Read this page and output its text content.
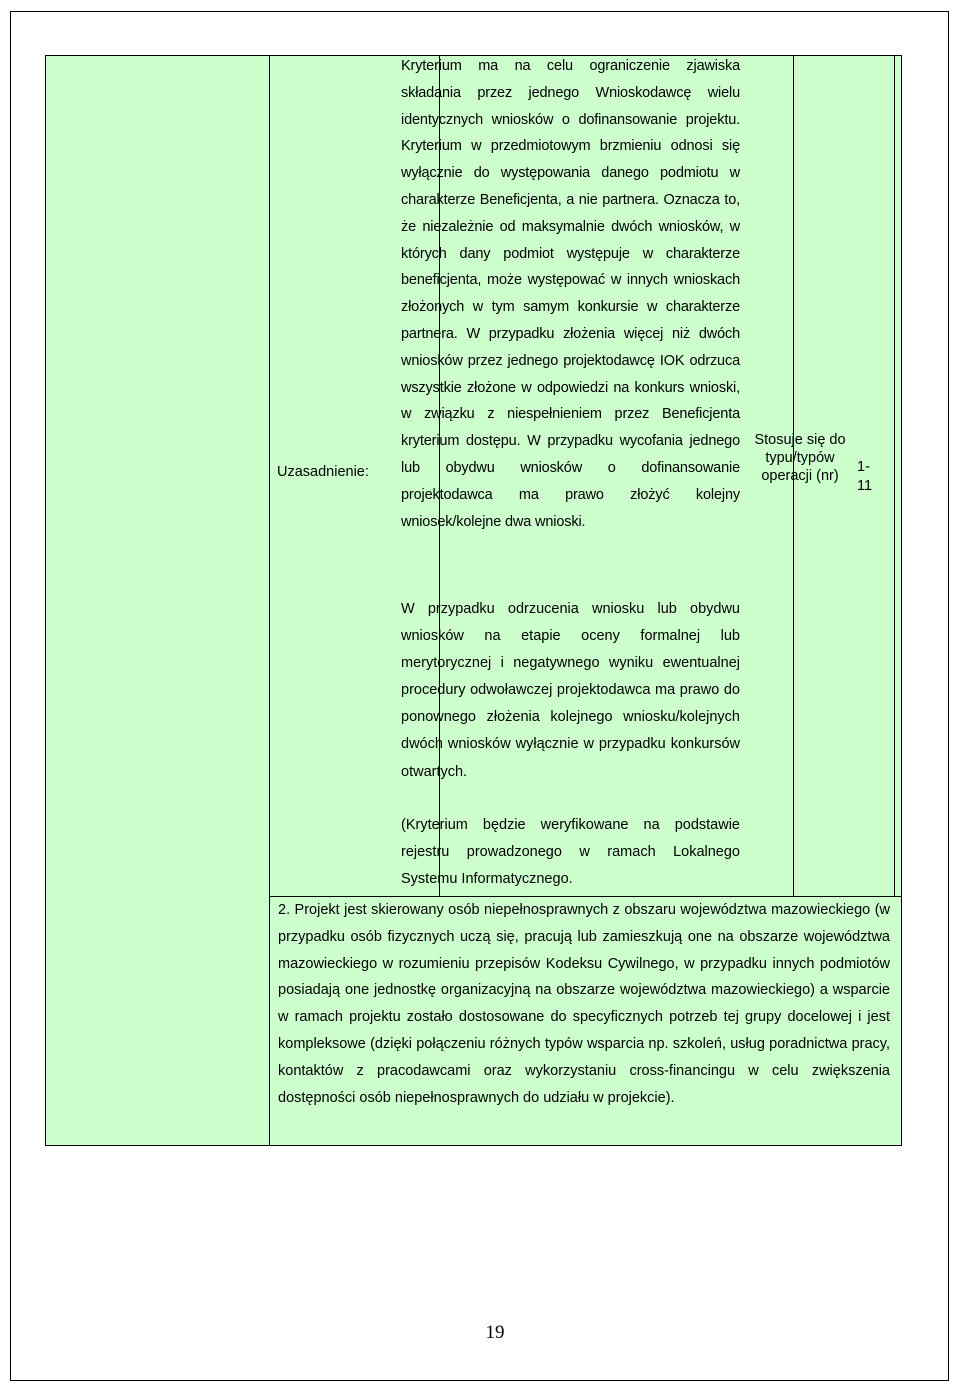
Uzasadnienie:

Kryterium ma na celu ograniczenie zjawiska składania przez jednego Wnioskodawcę wielu identycznych wniosków o dofinansowanie projektu. Kryterium w przedmiotowym brzmieniu odnosi się wyłącznie do występowania danego podmiotu w charakterze Beneficjenta, a nie partnera. Oznacza to, że niezależnie od maksymalnie dwóch wniosków, w których dany podmiot występuje w charakterze beneficjenta, może występować w innych wnioskach złożonych w tym samym konkursie w charakterze partnera. W przypadku złożenia więcej niż dwóch wniosków przez jednego projektodawcę IOK odrzuca wszystkie złożone w odpowiedzi na konkurs wnioski, w związku z niespełnieniem przez Beneficjenta kryterium dostępu. W przypadku wycofania jednego lub obydwu wniosków o dofinansowanie projektodawca ma prawo złożyć kolejny wniosek/kolejne dwa wnioski.

W przypadku odrzucenia wniosku lub obydwu wniosków na etapie oceny formalnej lub merytorycznej i negatywnego wyniku ewentualnej procedury odwoławczej projektodawca ma prawo do ponownego złożenia kolejnego wniosku/kolejnych dwóch wniosków wyłącznie w przypadku konkursów otwartych.

(Kryterium będzie weryfikowane na podstawie rejestru prowadzonego w ramach Lokalnego Systemu Informatycznego.

Stosuje się do typu/typów operacji (nr)
1-
11

2. Projekt jest skierowany osób niepełnosprawnych z obszaru województwa mazowieckiego (w przypadku osób fizycznych uczą się, pracują lub zamieszkują one na obszarze województwa mazowieckiego w rozumieniu przepisów Kodeksu Cywilnego, w przypadku innych podmiotów posiadają one jednostkę organizacyjną na obszarze województwa mazowieckiego) a wsparcie w ramach projektu zostało dostosowane do specyficznych potrzeb tej grupy docelowej i jest kompleksowe (dzięki połączeniu różnych typów wsparcia np. szkoleń, usług poradnictwa pracy, kontaktów z pracodawcami oraz wykorzystaniu cross-financingu w celu zwiększenia dostępności osób niepełnosprawnych do udziału w projekcie).

19
